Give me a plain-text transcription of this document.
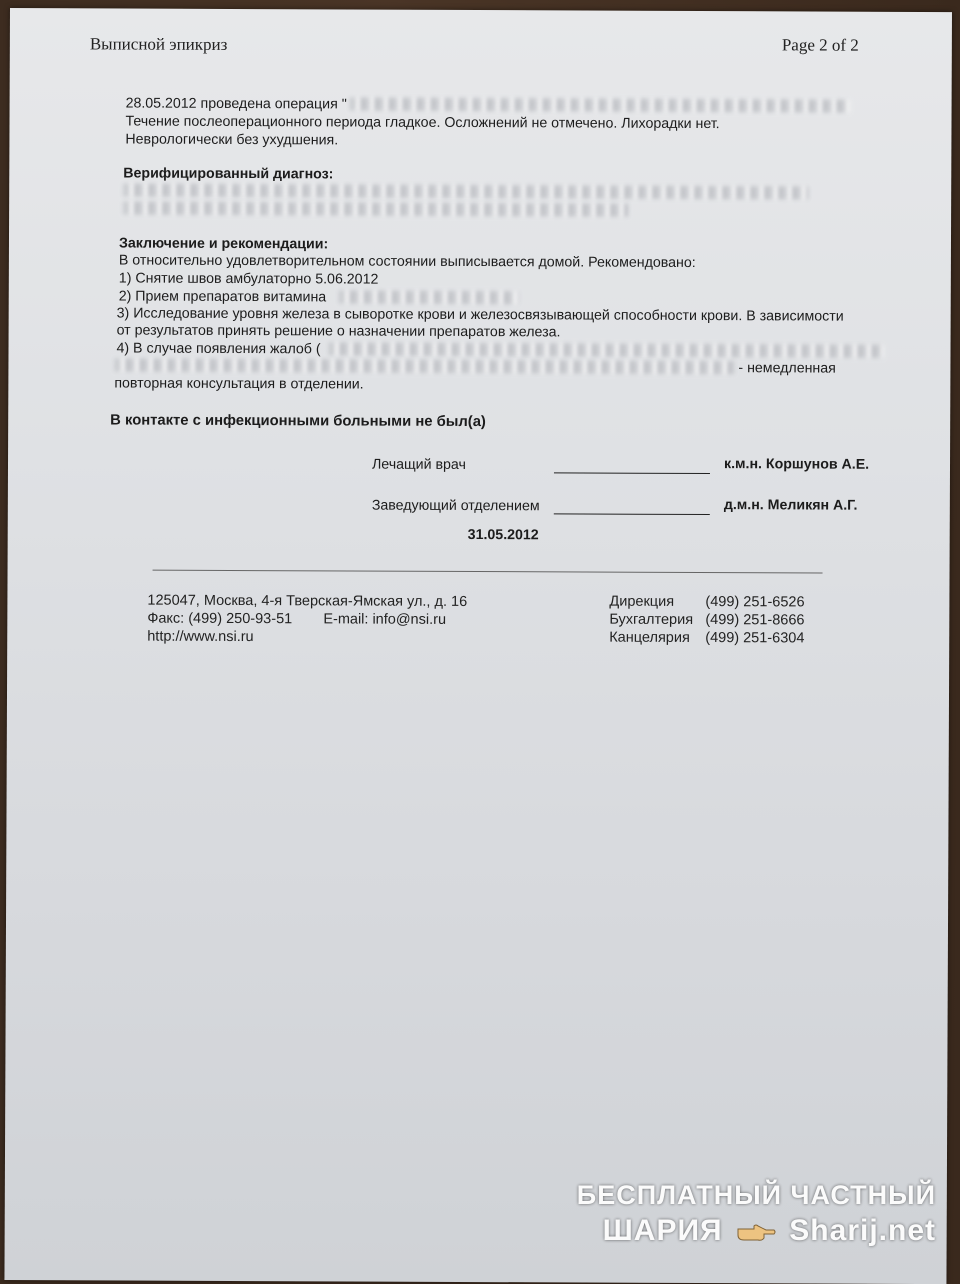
Выписной эпикриз	Page 2 of 2
28.05.2012 проведена операция "
Течение послеоперационного периода гладкое. Осложнений не отмечено. Лихорадки нет.
Неврологически без ухудшения.
Верифицированный диагноз:
Заключение и рекомендации:
В относительно удовлетворительном состоянии выписывается домой. Рекомендовано:
1) Снятие швов амбулаторно 5.06.2012
2) Прием препаратов витамина
3) Исследование уровня железа в сыворотке крови и железосвязывающей способности крови. В зависимости
от результатов принять решение о назначении препаратов железа.
4) В случае появления жалоб (
- немедленная
повторная консультация в отделении.
В контакте с инфекционными больными не был(а)
Лечащий врач	к.м.н. Коршунов А.Е.
Заведующий отделением	д.м.н. Меликян А.Г.
31.05.2012
125047, Москва, 4-я Тверская-Ямская ул., д. 16
Факс: (499) 250-93-51 E-mail: info@nsi.ru
http://www.nsi.ru
Дирекция (499) 251-6526
Бухгалтерия (499) 251-8666
Канцелярия (499) 251-6304
БЕСПЛАТНЫЙ ЧАСТНЫЙ
ШАРИЯ Sharij.net
